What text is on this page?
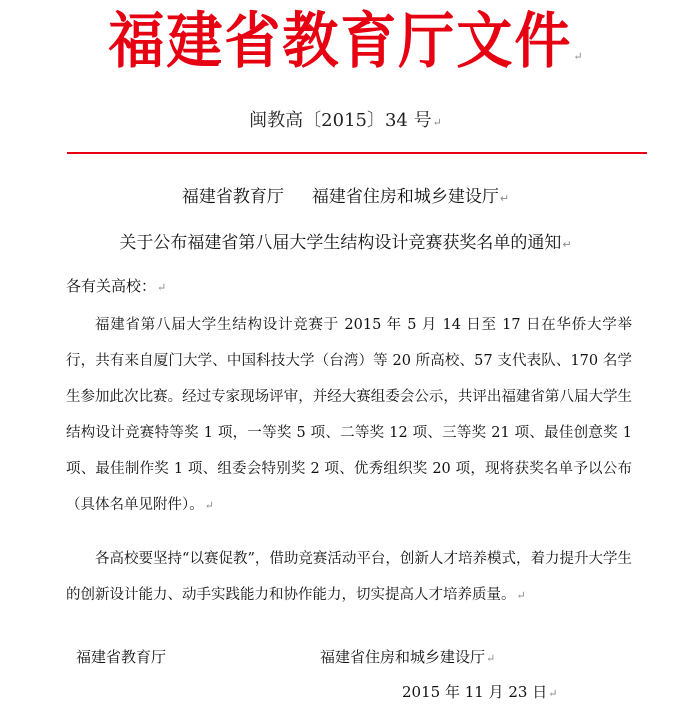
福建省教育厅文件↵
闽教高〔2015〕34 号↵
福建省教育厅 福建省住房和城乡建设厅↵
关于公布福建省第八届大学生结构设计竞赛获奖名单的通知↵
各有关高校：↵

福建省第八届大学生结构设计竞赛于 2015 年 5 月 14 日至 17 日在华侨大学举行，共有来自厦门大学、中国科技大学（台湾）等 20 所高校、57 支代表队、170 名学生参加此次比赛。经过专家现场评审，并经大赛组委会公示，共评出福建省第八届大学生结构设计竞赛特等奖 1 项，一等奖 5 项、二等奖 12 项、三等奖 21 项、最佳创意奖 1 项、最佳制作奖 1 项、组委会特别奖 2 项、优秀组织奖 20 项，现将获奖名单予以公布（具体名单见附件）。↵

各高校要坚持“以赛促教”，借助竞赛活动平台，创新人才培养模式，着力提升大学生的创新设计能力、动手实践能力和协作能力，切实提高人才培养质量。↵

福建省教育厅	福建省住房和城乡建设厅↵
2015 年 11 月 23 日↵
